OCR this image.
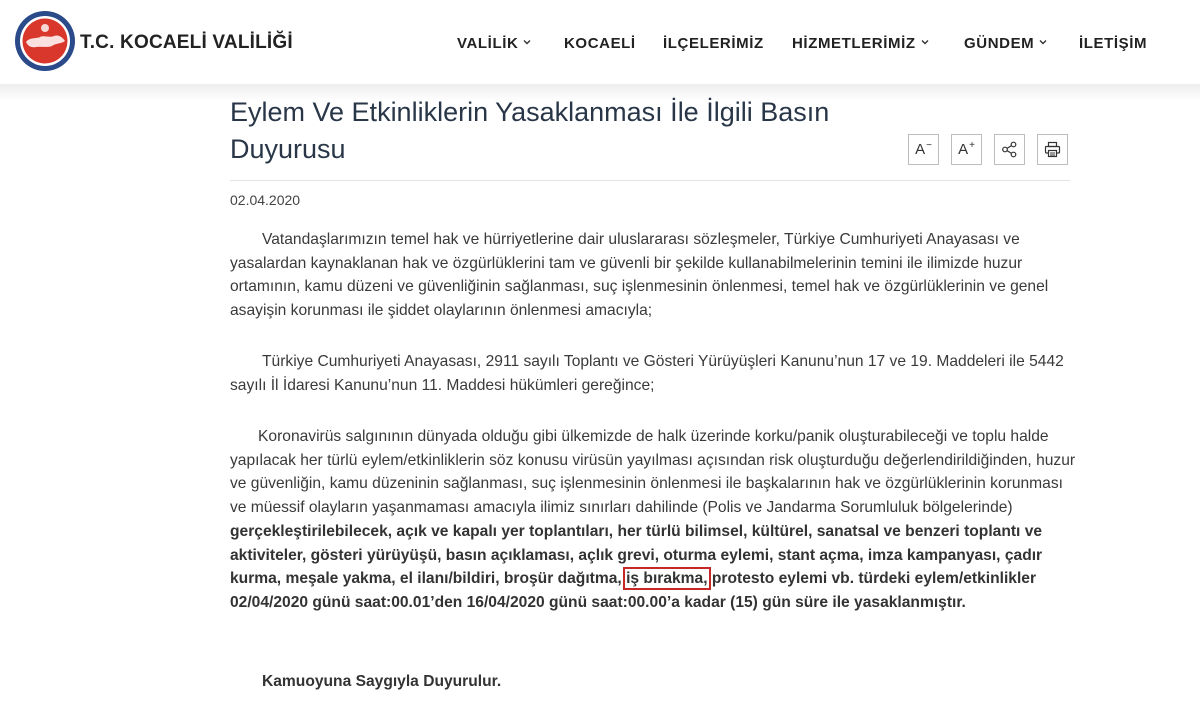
T.C. KOCAELİ VALİLİĞİ	VALİLİK	KOCAELİ İLÇELERİMİZ HİZMETLERİMİZ	GÜNDEM	İLETİŞİM
Eylem Ve Etkinliklerin Yasaklanması İle İlgili Basın Duyurusu	A− A+
02.04.2020

Vatandaşlarımızın temel hak ve hürriyetlerine dair uluslararası sözleşmeler, Türkiye Cumhuriyeti Anayasası ve yasalardan kaynaklanan hak ve özgürlüklerini tam ve güvenli bir şekilde kullanabilmelerinin temini ile ilimizde huzur ortamının, kamu düzeni ve güvenliğinin sağlanması, suç işlenmesinin önlenmesi, temel hak ve özgürlüklerinin ve genel asayişin korunması ile şiddet olaylarının önlenmesi amacıyla;

Türkiye Cumhuriyeti Anayasası, 2911 sayılı Toplantı ve Gösteri Yürüyüşleri Kanunu’nun 17 ve 19. Maddeleri ile 5442 sayılı İl İdaresi Kanunu’nun 11. Maddesi hükümleri gereğince;

Koronavirüs salgınının dünyada olduğu gibi ülkemizde de halk üzerinde korku/panik oluşturabileceği ve toplu halde yapılacak her türlü eylem/etkinliklerin söz konusu virüsün yayılması açısından risk oluşturduğu değerlendirildiğinden, huzur ve güvenliğin, kamu düzeninin sağlanması, suç işlenmesinin önlenmesi ile başkalarının hak ve özgürlüklerinin korunması ve müessif olayların yaşanmaması amacıyla ilimiz sınırları dahilinde (Polis ve Jandarma Sorumluluk bölgelerinde) gerçekleştirilebilecek, açık ve kapalı yer toplantıları, her türlü bilimsel, kültürel, sanatsal ve benzeri toplantı ve aktiviteler, gösteri yürüyüşü, basın açıklaması, açlık grevi, oturma eylemi, stant açma, imza kampanyası, çadır kurma, meşale yakma, el ilanı/bildiri, broşür dağıtma, iş bırakma, protesto eylemi vb. türdeki eylem/etkinlikler 02/04/2020 günü saat:00.01’den 16/04/2020 günü saat:00.00’a kadar (15) gün süre ile yasaklanmıştır.

Kamuoyuna Saygıyla Duyurulur.
